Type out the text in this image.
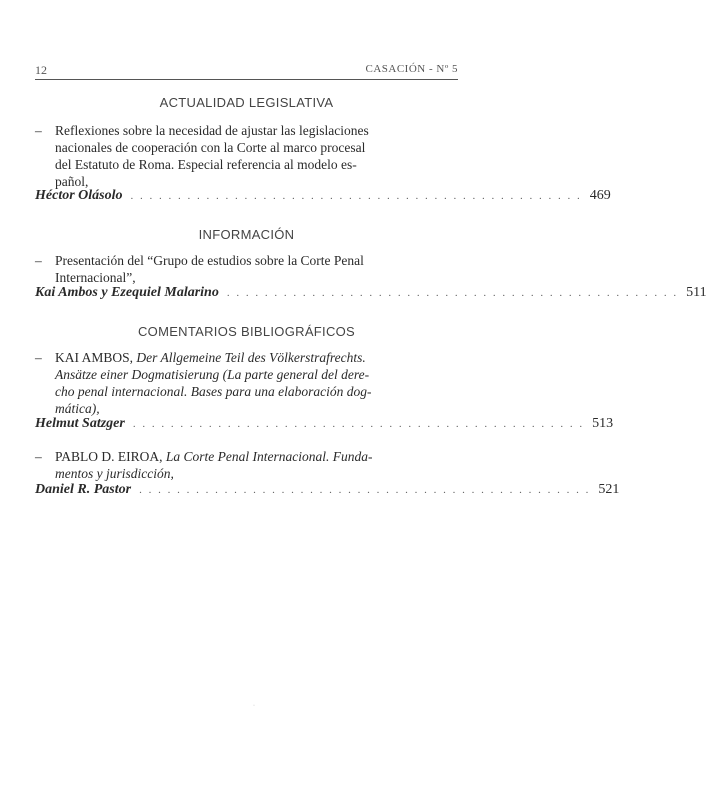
12	CASACIÓN - Nº 5
ACTUALIDAD LEGISLATIVA
– Reflexiones sobre la necesidad de ajustar las legislaciones
nacionales de cooperación con la Corte al marco procesal
del Estatuto de Roma. Especial referencia al modelo es-
pañol,
Héctor Olásolo . . . . . . . . . . . . . . . . . . . . . . . . . . . . . . . . . . . . . . . . . . . . . . . . 469
INFORMACIÓN
– Presentación del “Grupo de estudios sobre la Corte Penal
Internacional”,
Kai Ambos y Ezequiel Malarino . . . . . . . . . . . . . . . . . . . . . . . . . . . . . . . . . . . . . . . . . . . . . . . . 511
COMENTARIOS BIBLIOGRÁFICOS
– KAI AMBOS, Der Allgemeine Teil des Völkerstrafrechts.
Ansätze einer Dogmatisierung (La parte general del dere-
cho penal internacional. Bases para una elaboración dog-
mática),
Helmut Satzger . . . . . . . . . . . . . . . . . . . . . . . . . . . . . . . . . . . . . . . . . . . . . . . . 513
– PABLO D. EIROA, La Corte Penal Internacional. Funda-
mentos y jurisdicción,
Daniel R. Pastor . . . . . . . . . . . . . . . . . . . . . . . . . . . . . . . . . . . . . . . . . . . . . . . . 521
·
